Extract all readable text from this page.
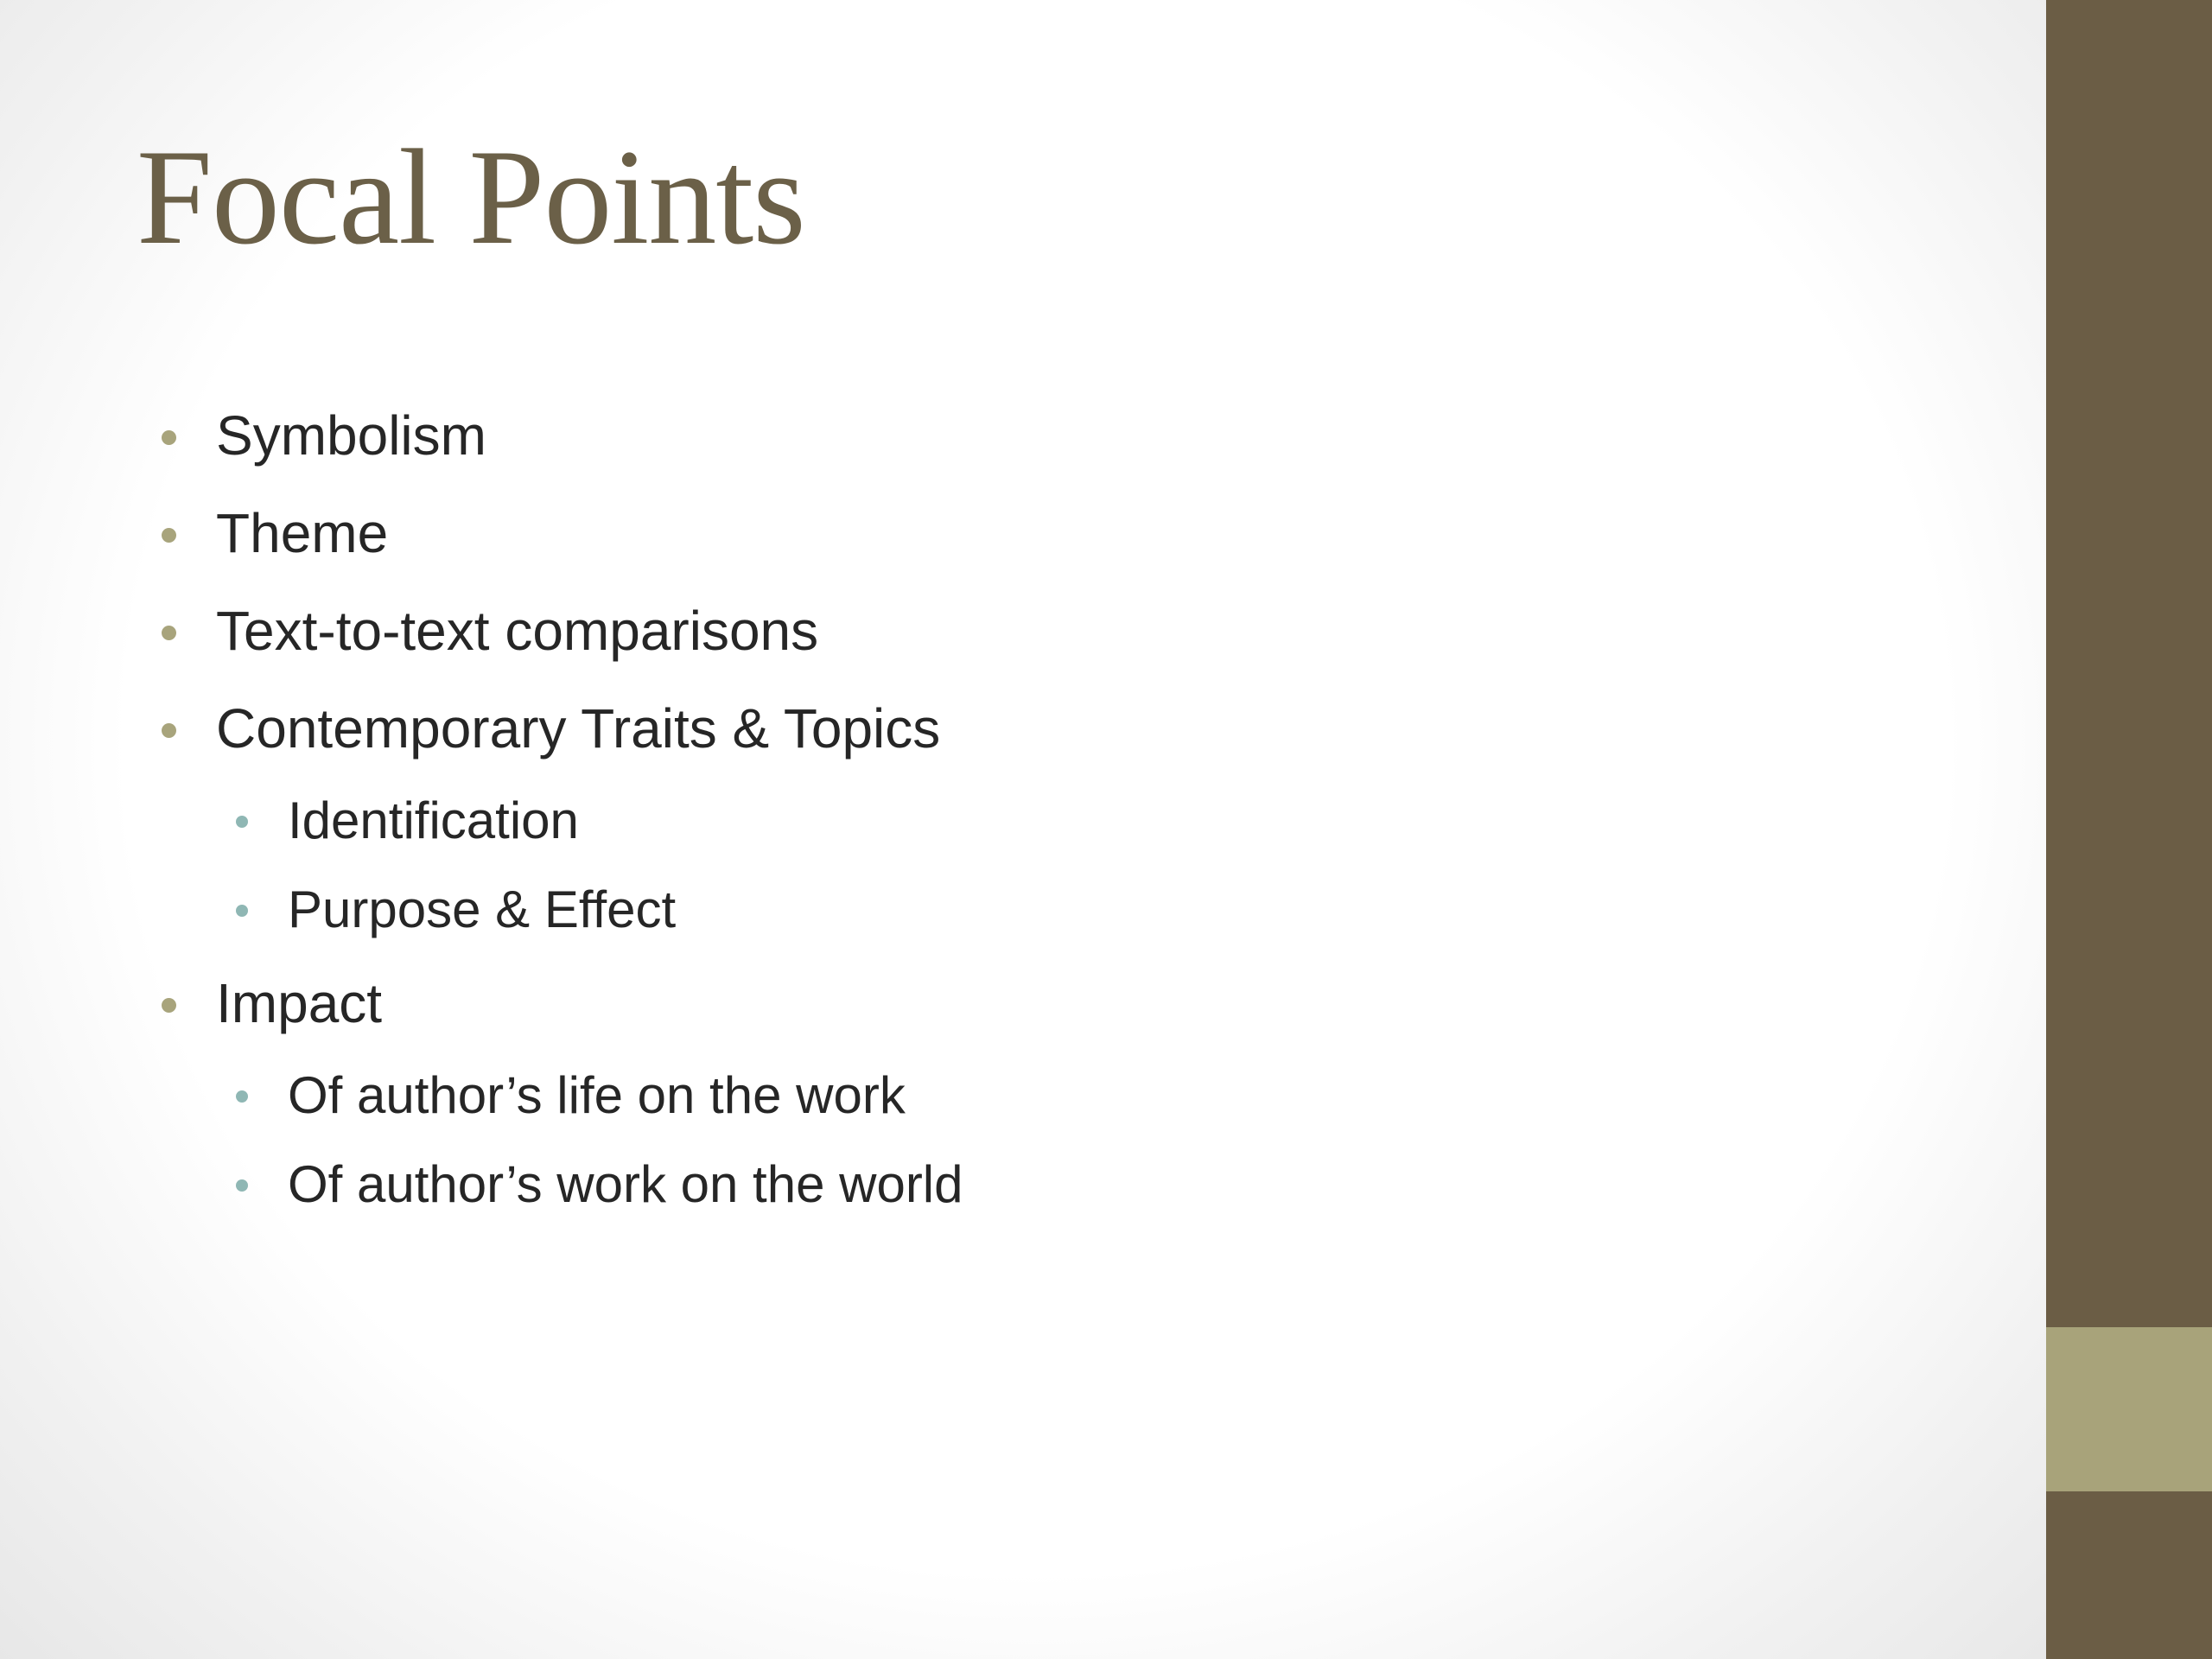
Focal Points
Symbolism
Theme
Text-to-text comparisons
Contemporary Traits & Topics
Identification
Purpose & Effect
Impact
Of author’s life on the work
Of author’s work on the world
